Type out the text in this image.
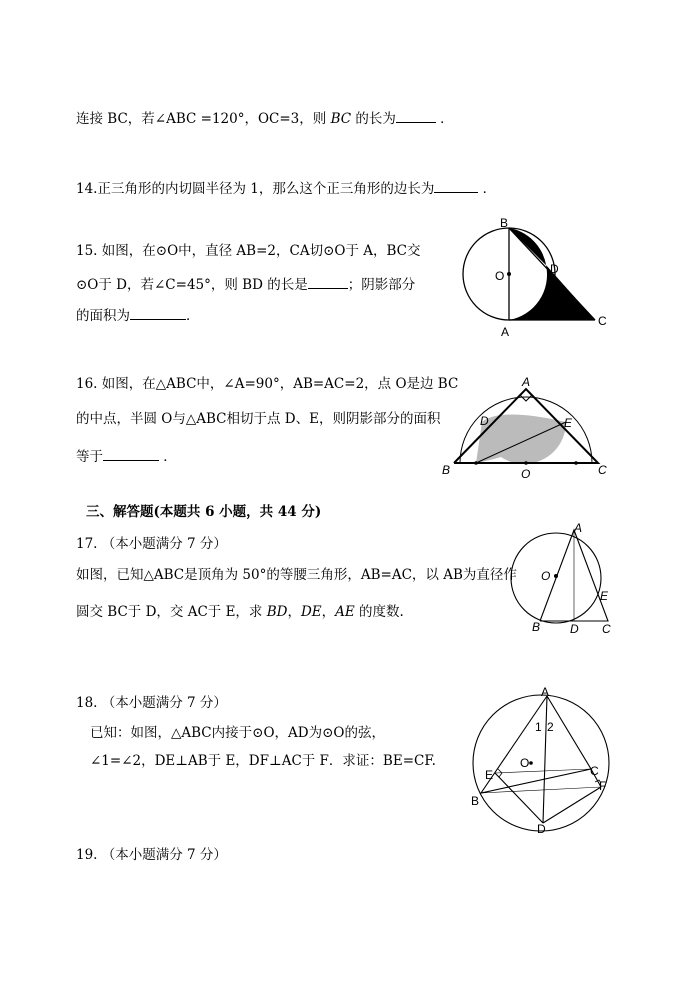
连接 BC，若∠ABC =120°，OC=3，则 BC 的长为	．
14.正三角形的内切圆半径为 1，那么这个正三角形的边长为	．
15. 如图，在⊙O中，直径 AB=2，CA切⊙O于 A，BC交
⊙O于 D，若∠C=45°，则 BD 的长是	；阴影部分
的面积为	．
B
O	D
A
C
16. 如图，在△ABC中，∠A=90°，AB=AC=2，点 O是边 BC
的中点，半圆 O与△ABC相切于点 D、E，则阴影部分的面积
等于	．
A
D	E
B	O	C
三、解答题(本题共 6 小题，共 44 分)
17. （本小题满分 7 分）
如图，已知△ABC是顶角为 50°的等腰三角形，AB=AC，以 AB为直径作
圆交 BC于 D，交 AC于 E，求 BD，DE，AE 的度数.
A
O
E
B D C
18. （本小题满分 7 分）
已知：如图，△ABC内接于⊙O，AD为⊙O的弦，
∠1=∠2，DE⊥AB于 E，DF⊥AC于 F．求证：BE=CF.
A
1 2
O
E
B
C
F
D
19. （本小题满分 7 分）
